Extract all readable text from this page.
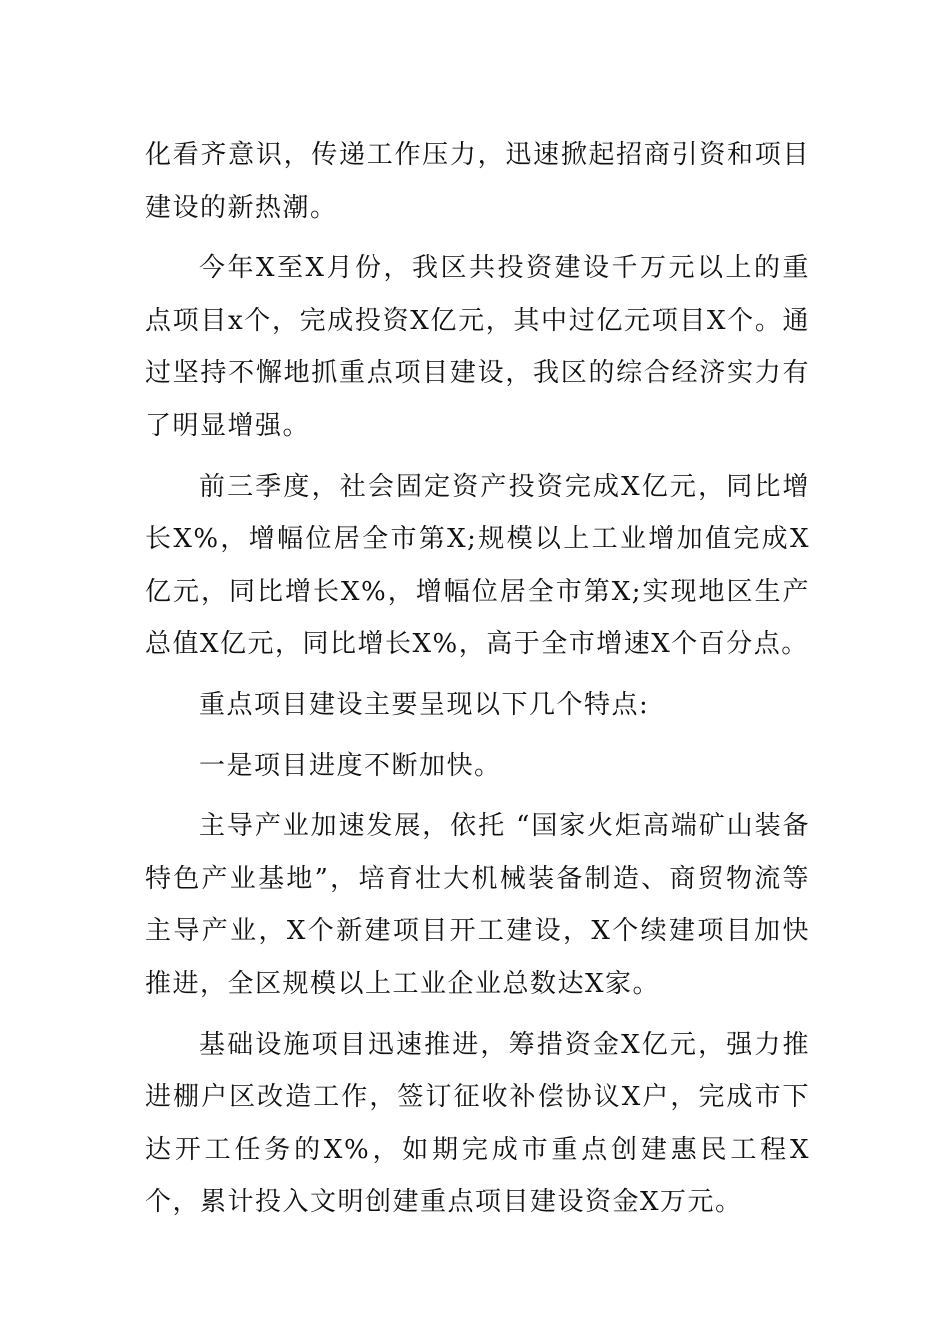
化看齐意识，传递工作压力，迅速掀起招商引资和项目建设的新热潮。

今年X至X月份，我区共投资建设千万元以上的重点项目x个，完成投资X亿元，其中过亿元项目X个。通过坚持不懈地抓重点项目建设，我区的综合经济实力有了明显增强。

前三季度，社会固定资产投资完成X亿元，同比增长X%，增幅位居全市第X;规模以上工业增加值完成X亿元，同比增长X%，增幅位居全市第X;实现地区生产总值X亿元，同比增长X%，高于全市增速X个百分点。

重点项目建设主要呈现以下几个特点:

一是项目进度不断加快。

主导产业加速发展，依托 “国家火炬高端矿山装备特色产业基地”，培育壮大机械装备制造、商贸物流等主导产业，X个新建项目开工建设，X个续建项目加快推进，全区规模以上工业企业总数达X家。

基础设施项目迅速推进，筹措资金X亿元，强力推进棚户区改造工作，签订征收补偿协议X户，完成市下达开工任务的X%，如期完成市重点创建惠民工程X个，累计投入文明创建重点项目建设资金X万元。
